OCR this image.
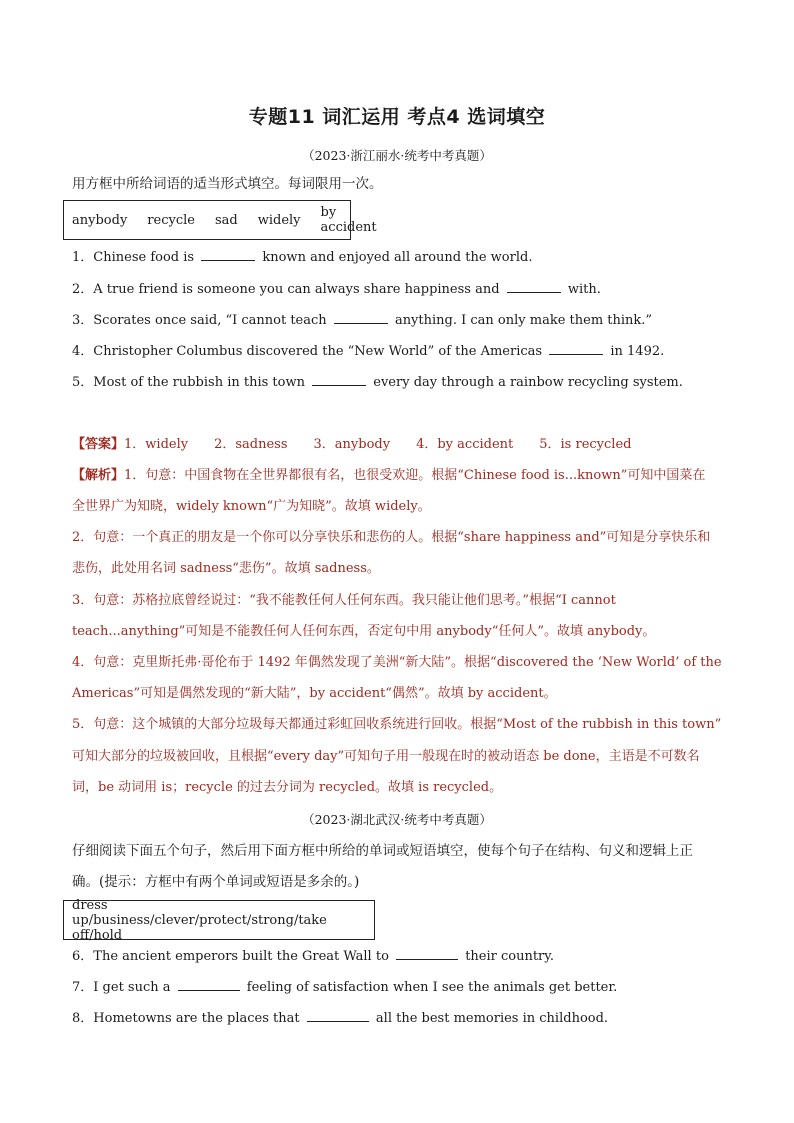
专题11 词汇运用 考点4 选词填空
（2023·浙江丽水·统考中考真题）
用方框中所给词语的适当形式填空。每词限用一次。
anybody recycle sad widely by accident
1．Chinese food is	known and enjoyed all around the world.
2．A true friend is someone you can always share happiness and	with.
3．Scorates once said, “I cannot teach	anything. I can only make them think.”
4．Christopher Columbus discovered the “New World” of the Americas	in 1492.
5．Most of the rubbish in this town	every day through a rainbow recycling system.
【答案】1．widely 2．sadness 3．anybody 4．by accident 5．is recycled
【解析】1．句意：中国食物在全世界都很有名，也很受欢迎。根据“Chinese food is...known”可知中国菜在
全世界广为知晓，widely known“广为知晓”。故填 widely。
2．句意：一个真正的朋友是一个你可以分享快乐和悲伤的人。根据“share happiness and”可知是分享快乐和
悲伤，此处用名词 sadness“悲伤”。故填 sadness。
3．句意：苏格拉底曾经说过：“我不能教任何人任何东西。我只能让他们思考。”根据“I cannot
teach...anything”可知是不能教任何人任何东西，否定句中用 anybody“任何人”。故填 anybody。
4．句意：克里斯托弗·哥伦布于 1492 年偶然发现了美洲“新大陆”。根据“discovered the ‘New World’ of the
Americas”可知是偶然发现的“新大陆”，by accident“偶然”。故填 by accident。
5．句意：这个城镇的大部分垃圾每天都通过彩虹回收系统进行回收。根据“Most of the rubbish in this town”
可知大部分的垃圾被回收，且根据“every day”可知句子用一般现在时的被动语态 be done，主语是不可数名
词，be 动词用 is；recycle 的过去分词为 recycled。故填 is recycled。
（2023·湖北武汉·统考中考真题）
仔细阅读下面五个句子，然后用下面方框中所给的单词或短语填空，使每个句子在结构、句义和逻辑上正
确。(提示：方框中有两个单词或短语是多余的。)
dress up/business/clever/protect/strong/take off/hold
6．The ancient emperors built the Great Wall to	their country.
7．I get such a	feeling of satisfaction when I see the animals get better.
8．Hometowns are the places that	all the best memories in childhood.
